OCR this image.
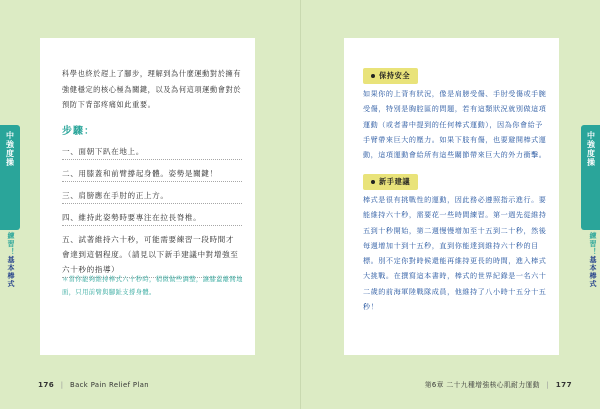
科學也終於趕上了腳步，理解到為什麼運動對於擁有強健穩定的核心極為關鍵，以及為何這項運動會對於預防下背部疼痛如此重要。
步驟：
一、面朝下趴在地上。
二、用膝蓋和前臂撐起身體。姿勢是關鍵！
三、肩膀應在手肘的正上方。
四、維持此姿勢時要專注在拉長脊椎。
五、試著維持六十秒，可能需要練習一段時間才會達到這個程度。（請見以下新手建議中對增強至六十秒的指導）
＊當你能夠維持棒式六十秒時，稍微做些調整，讓膝蓋離開地面，只用前臂與腳趾支撐身體。
中強度操
練習！
基本棒式
176 | Back Pain Relief Plan
保持安全
如果你的上背有狀況，像是肩膀受傷、手肘受傷或手腕受傷，特別是胸腔區的問題，若有這類狀況就別做這項運動（或者書中提到的任何棒式運動），因為你會給予手臂帶來巨大的壓力。如果下肢有傷，也要避開棒式運動，這項運動會給所有這些關節帶來巨大的外力衝擊。
新手建議
棒式是很有挑戰性的運動，因此務必遵照指示進行。要能維持六十秒，需要花一些時間練習。第一週先從維持五到十秒開始，第二週慢慢增加至十五到二十秒，然後每週增加十到十五秒，直到你能達到維持六十秒的目標。別不定你對時候還能再維持更長的時間，進入棒式大挑戰。在撰寫這本書時，棒式的世界紀錄是一名六十二歲的前海軍陸戰隊成員，他維持了八小時十五分十五秒！
中強度操
練習！
基本棒式
第6章 二十九種增強核心肌耐力運動 | 177
